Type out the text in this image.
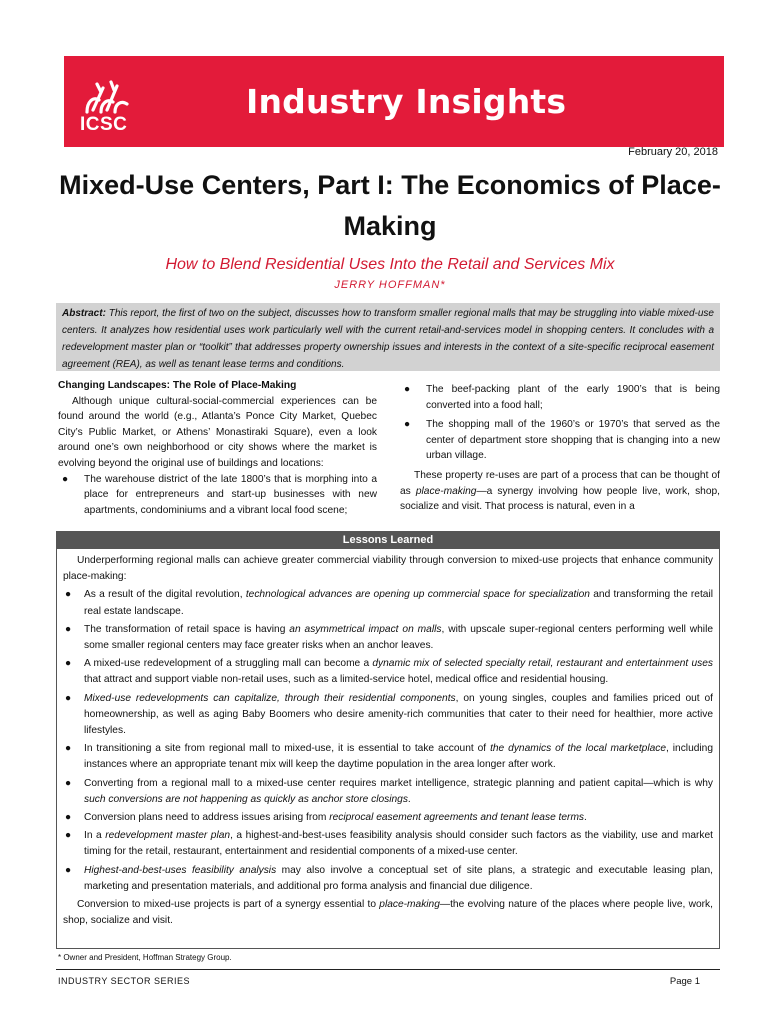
ICSC
Industry Insights
February 20, 2018
Mixed-Use Centers, Part I: The Economics of Place-Making
How to Blend Residential Uses Into the Retail and Services Mix
JERRY HOFFMAN*
Abstract: This report, the first of two on the subject, discusses how to transform smaller regional malls that may be struggling into viable mixed-use centers. It analyzes how residential uses work particularly well with the current retail-and-services model in shopping centers. It concludes with a redevelopment master plan or “toolkit” that addresses property ownership issues and interests in the context of a site-specific reciprocal easement agreement (REA), as well as tenant lease terms and conditions.

Changing Landscapes: The Role of Place-Making

Although unique cultural-social-commercial experiences can be found around the world (e.g., Atlanta’s Ponce City Market, Quebec City’s Public Market, or Athens’ Monastiraki Square), even a look around one’s own neighborhood or city shows where the market is evolving beyond the original use of buildings and locations:

● The warehouse district of the late 1800’s that is morphing into a place for entrepreneurs and start-up businesses with new apartments, condominiums and a vibrant local food scene;
● The beef-packing plant of the early 1900’s that is being converted into a food hall;
● The shopping mall of the 1960’s or 1970’s that served as the center of department store shopping that is changing into a new urban village.

These property re-uses are part of a process that can be thought of as place-making—a synergy involving how people live, work, shop, socialize and visit. That process is natural, even in a

Lessons Learned

Underperforming regional malls can achieve greater commercial viability through conversion to mixed-use projects that enhance community place-making:

● As a result of the digital revolution, technological advances are opening up commercial space for specialization and transforming the retail real estate landscape.
● The transformation of retail space is having an asymmetrical impact on malls, with upscale super-regional centers performing well while some smaller regional centers may face greater risks when an anchor leaves.
● A mixed-use redevelopment of a struggling mall can become a dynamic mix of selected specialty retail, restaurant and entertainment uses that attract and support viable non-retail uses, such as a limited-service hotel, medical office and residential housing.
● Mixed-use redevelopments can capitalize, through their residential components, on young singles, couples and families priced out of homeownership, as well as aging Baby Boomers who desire amenity-rich communities that cater to their need for healthier, more active lifestyles.
● In transitioning a site from regional mall to mixed-use, it is essential to take account of the dynamics of the local marketplace, including instances where an appropriate tenant mix will keep the daytime population in the area longer after work.
● Converting from a regional mall to a mixed-use center requires market intelligence, strategic planning and patient capital—which is why such conversions are not happening as quickly as anchor store closings.
● Conversion plans need to address issues arising from reciprocal easement agreements and tenant lease terms.
● In a redevelopment master plan, a highest-and-best-uses feasibility analysis should consider such factors as the viability, use and market timing for the retail, restaurant, entertainment and residential components of a mixed-use center.
● Highest-and-best-uses feasibility analysis may also involve a conceptual set of site plans, a strategic and executable leasing plan, marketing and presentation materials, and additional pro forma analysis and financial due diligence.

Conversion to mixed-use projects is part of a synergy essential to place-making—the evolving nature of the places where people live, work, shop, socialize and visit.

* Owner and President, Hoffman Strategy Group.
INDUSTRY SECTOR SERIES	Page 1
